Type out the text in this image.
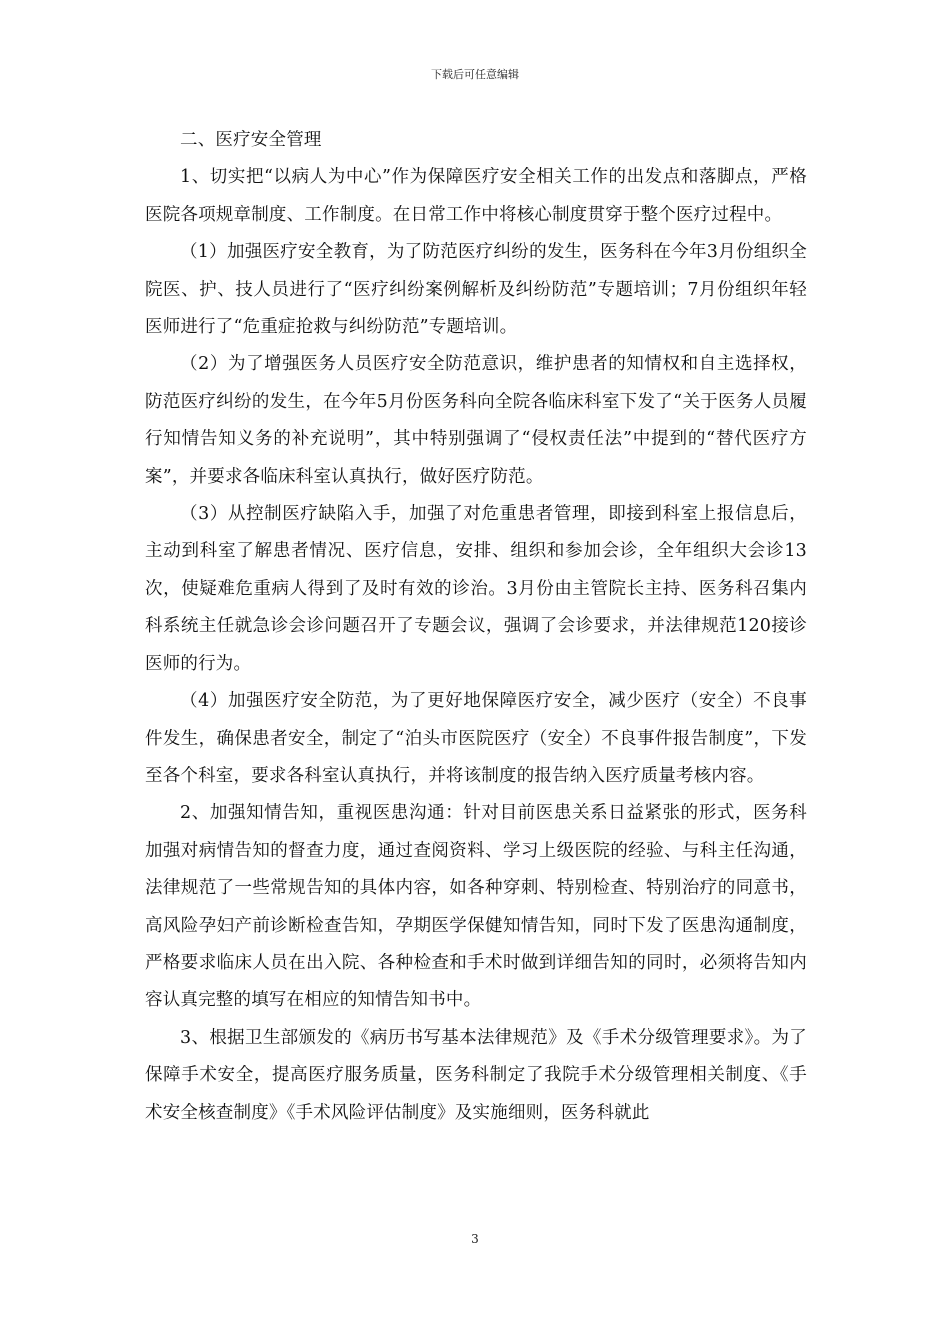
下载后可任意编辑

二、医疗安全管理

1、切实把“以病人为中心”作为保障医疗安全相关工作的出发点和落脚点，严格医院各项规章制度、工作制度。在日常工作中将核心制度贯穿于整个医疗过程中。

（1）加强医疗安全教育，为了防范医疗纠纷的发生，医务科在今年3月份组织全院医、护、技人员进行了“医疗纠纷案例解析及纠纷防范”专题培训；7月份组织年轻医师进行了“危重症抢救与纠纷防范”专题培训。

（2）为了增强医务人员医疗安全防范意识，维护患者的知情权和自主选择权，防范医疗纠纷的发生，在今年5月份医务科向全院各临床科室下发了“关于医务人员履行知情告知义务的补充说明”，其中特别强调了“侵权责任法”中提到的“替代医疗方案”，并要求各临床科室认真执行，做好医疗防范。

（3）从控制医疗缺陷入手，加强了对危重患者管理，即接到科室上报信息后，主动到科室了解患者情况、医疗信息，安排、组织和参加会诊，全年组织大会诊13次，使疑难危重病人得到了及时有效的诊治。3月份由主管院长主持、医务科召集内科系统主任就急诊会诊问题召开了专题会议，强调了会诊要求，并法律规范120接诊医师的行为。

（4）加强医疗安全防范，为了更好地保障医疗安全，减少医疗（安全）不良事件发生，确保患者安全，制定了“泊头市医院医疗（安全）不良事件报告制度”，下发至各个科室，要求各科室认真执行，并将该制度的报告纳入医疗质量考核内容。

2、加强知情告知，重视医患沟通：针对目前医患关系日益紧张的形式，医务科加强对病情告知的督查力度，通过查阅资料、学习上级医院的经验、与科主任沟通，法律规范了一些常规告知的具体内容，如各种穿刺、特别检查、特别治疗的同意书，高风险孕妇产前诊断检查告知，孕期医学保健知情告知，同时下发了医患沟通制度，严格要求临床人员在出入院、各种检查和手术时做到详细告知的同时，必须将告知内容认真完整的填写在相应的知情告知书中。

3、根据卫生部颁发的《病历书写基本法律规范》及《手术分级管理要求》。为了保障手术安全，提高医疗服务质量，医务科制定了我院手术分级管理相关制度、《手术安全核查制度》《手术风险评估制度》及实施细则，医务科就此

3
